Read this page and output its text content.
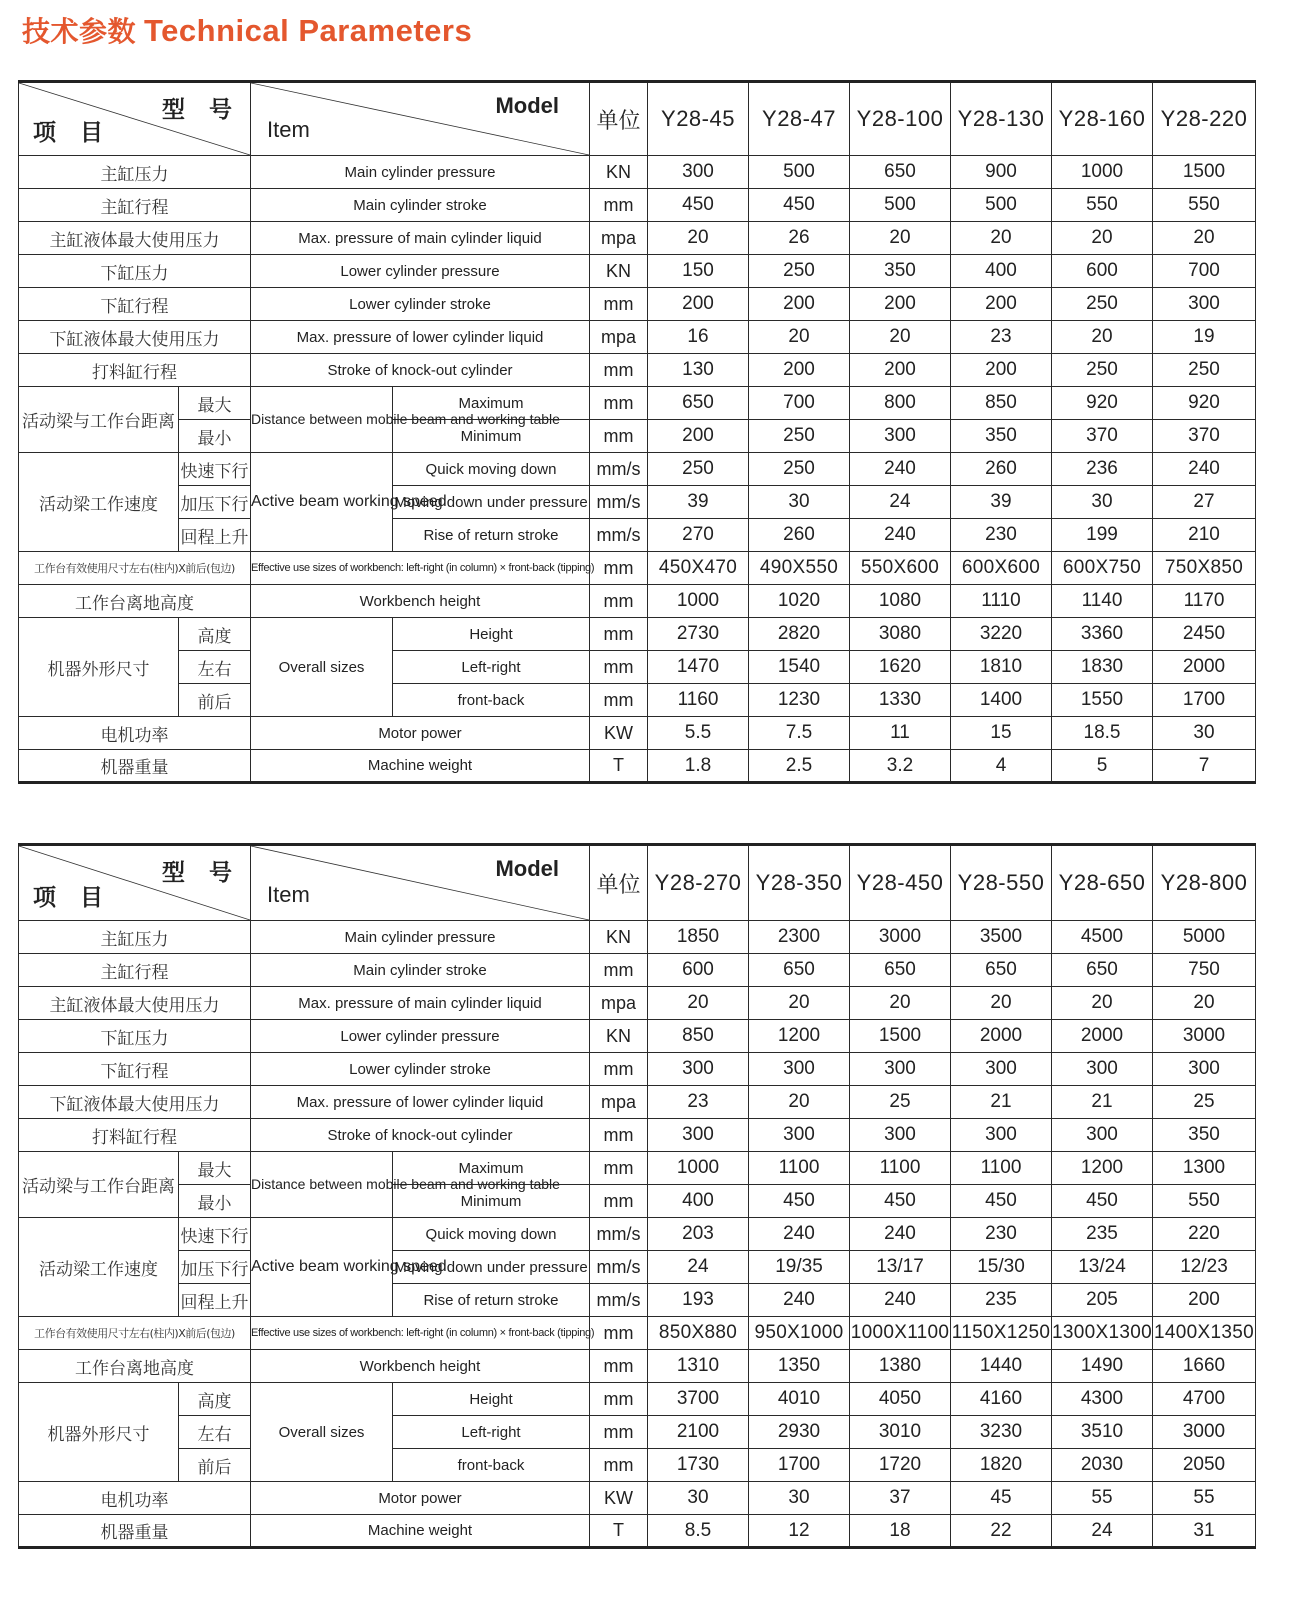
技术参数 Technical Parameters
型 号
项 目		Model
Item		单位	Y28-45	Y28-47	Y28-100	Y28-130	Y28-160	Y28-220
主缸压力		Main cylinder pressure		KN	300	500	650	900	1000	1500
主缸行程		Main cylinder stroke		mm	450	450	500	500	550	550
主缸液体最大使用压力		Max. pressure of main cylinder liquid		mpa	20	26	20	20	20	20
下缸压力		Lower cylinder pressure		KN	150	250	350	400	600	700
下缸行程		Lower cylinder stroke		mm	200	200	200	200	250	300
下缸液体最大使用压力		Max. pressure of lower cylinder liquid		mpa	16	20	20	23	20	19
打料缸行程		Stroke of knock-out cylinder		mm	130	200	200	200	250	250
活动梁与工作台距离	最大	Distance between mobile beam and working table	Maximum	mm	650	700	800	850	920	920
	最小		Minimum	mm	200	250	300	350	370	370
活动梁工作速度	快速下行	Active beam working speed	Quick moving down	mm/s	250	250	240	260	236	240
	加压下行		Moving down under pressure	mm/s	39	30	24	39	30	27
	回程上升		Rise of return stroke	mm/s	270	260	240	230	199	210
工作台有效使用尺寸左右(柱内)X前后(包边)		Effective use sizes of workbench: left-right (in column) × front-back (tipping)		mm	450X470	490X550	550X600	600X600	600X750	750X850
工作台离地高度		Workbench height		mm	1000	1020	1080	1110	1140	1170
机器外形尺寸	高度	Overall sizes	Height	mm	2730	2820	3080	3220	3360	2450
	左右		Left-right	mm	1470	1540	1620	1810	1830	2000
	前后		front-back	mm	1160	1230	1330	1400	1550	1700
电机功率		Motor power		KW	5.5	7.5	11	15	18.5	30
机器重量		Machine weight		T	1.8	2.5	3.2	4	5	7
型 号
项 目		Model
Item		单位	Y28-270	Y28-350	Y28-450	Y28-550	Y28-650	Y28-800
主缸压力		Main cylinder pressure		KN	1850	2300	3000	3500	4500	5000
主缸行程		Main cylinder stroke		mm	600	650	650	650	650	750
主缸液体最大使用压力		Max. pressure of main cylinder liquid		mpa	20	20	20	20	20	20
下缸压力		Lower cylinder pressure		KN	850	1200	1500	2000	2000	3000
下缸行程		Lower cylinder stroke		mm	300	300	300	300	300	300
下缸液体最大使用压力		Max. pressure of lower cylinder liquid		mpa	23	20	25	21	21	25
打料缸行程		Stroke of knock-out cylinder		mm	300	300	300	300	300	350
活动梁与工作台距离	最大	Distance between mobile beam and working table	Maximum	mm	1000	1100	1100	1100	1200	1300
	最小		Minimum	mm	400	450	450	450	450	550
活动梁工作速度	快速下行	Active beam working speed	Quick moving down	mm/s	203	240	240	230	235	220
	加压下行		Moving down under pressure	mm/s	24	19/35	13/17	15/30	13/24	12/23
	回程上升		Rise of return stroke	mm/s	193	240	240	235	205	200
工作台有效使用尺寸左右(柱内)X前后(包边)		Effective use sizes of workbench: left-right (in column) × front-back (tipping)		mm	850X880	950X1000	1000X1100	1150X1250	1300X1300	1400X1350
工作台离地高度		Workbench height		mm	1310	1350	1380	1440	1490	1660
机器外形尺寸	高度	Overall sizes	Height	mm	3700	4010	4050	4160	4300	4700
	左右		Left-right	mm	2100	2930	3010	3230	3510	3000
	前后		front-back	mm	1730	1700	1720	1820	2030	2050
电机功率		Motor power		KW	30	30	37	45	55	55
机器重量		Machine weight		T	8.5	12	18	22	24	31
